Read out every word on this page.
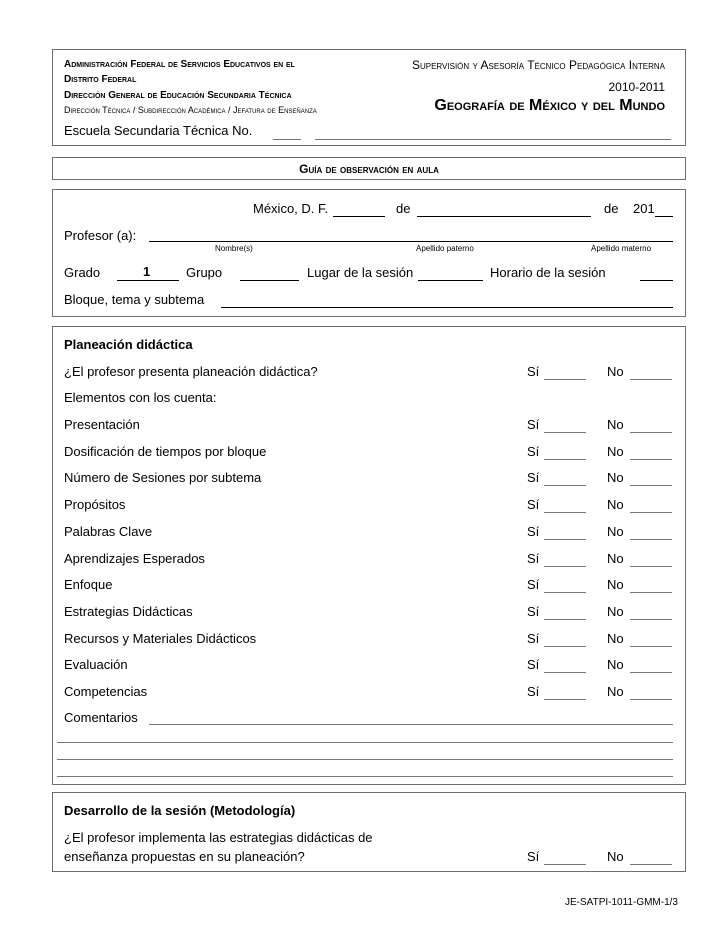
Administración Federal de Servicios Educativos en el
Distrito Federal
Dirección General de Educación Secundaria Técnica
Dirección Técnica / Subdirección Académica / Jefatura de Enseñanza
Supervisión y Asesoría Técnico Pedagógica Interna
2010-2011
Geografía de México y del Mundo
Escuela Secundaria Técnica No.
Guía de observación en aula
México, D. F.	de	de 201
Profesor (a):
Nombre(s)	Apellido paterno	Apellido materno
Grado	1	Grupo	Lugar de la sesión	Horario de la sesión
Bloque, tema y subtema
Planeación didáctica
¿El profesor presenta planeación didáctica?	Sí	No
Elementos con los cuenta:
Presentación	Sí	No
Dosificación de tiempos por bloque	Sí	No
Número de Sesiones por subtema	Sí	No
Propósitos	Sí	No
Palabras Clave	Sí	No
Aprendizajes Esperados	Sí	No
Enfoque	Sí	No
Estrategias Didácticas	Sí	No
Recursos y Materiales Didácticos	Sí	No
Evaluación	Sí	No
Competencias	Sí	No
Comentarios
Desarrollo de la sesión (Metodología)
¿El profesor implementa las estrategias didácticas de
enseñanza propuestas en su planeación?	Sí	No
JE-SATPI-1011-GMM-1/3
